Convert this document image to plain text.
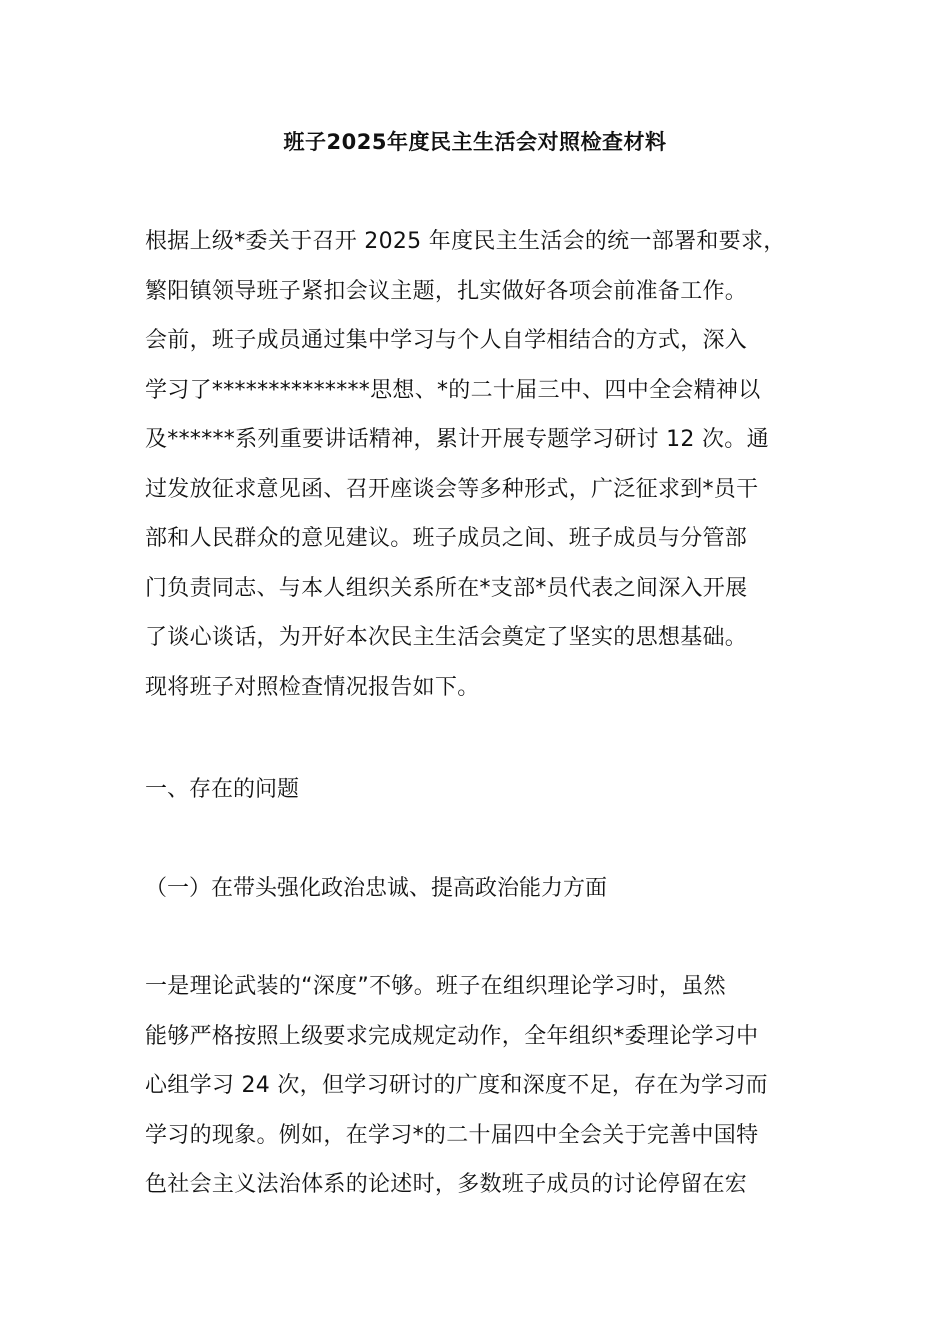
班子2025年度民主生活会对照检查材料
根据上级*委关于召开 2025 年度民主生活会的统一部署和要求，
繁阳镇领导班子紧扣会议主题，扎实做好各项会前准备工作。
会前，班子成员通过集中学习与个人自学相结合的方式，深入
学习了**************思想、*的二十届三中、四中全会精神以
及******系列重要讲话精神，累计开展专题学习研讨 12 次。通
过发放征求意见函、召开座谈会等多种形式，广泛征求到*员干
部和人民群众的意见建议。班子成员之间、班子成员与分管部
门负责同志、与本人组织关系所在*支部*员代表之间深入开展
了谈心谈话，为开好本次民主生活会奠定了坚实的思想基础。
现将班子对照检查情况报告如下。
一、存在的问题
（一）在带头强化政治忠诚、提高政治能力方面
一是理论武装的“深度”不够。班子在组织理论学习时，虽然
能够严格按照上级要求完成规定动作，全年组织*委理论学习中
心组学习 24 次，但学习研讨的广度和深度不足，存在为学习而
学习的现象。例如，在学习*的二十届四中全会关于完善中国特
色社会主义法治体系的论述时，多数班子成员的讨论停留在宏
